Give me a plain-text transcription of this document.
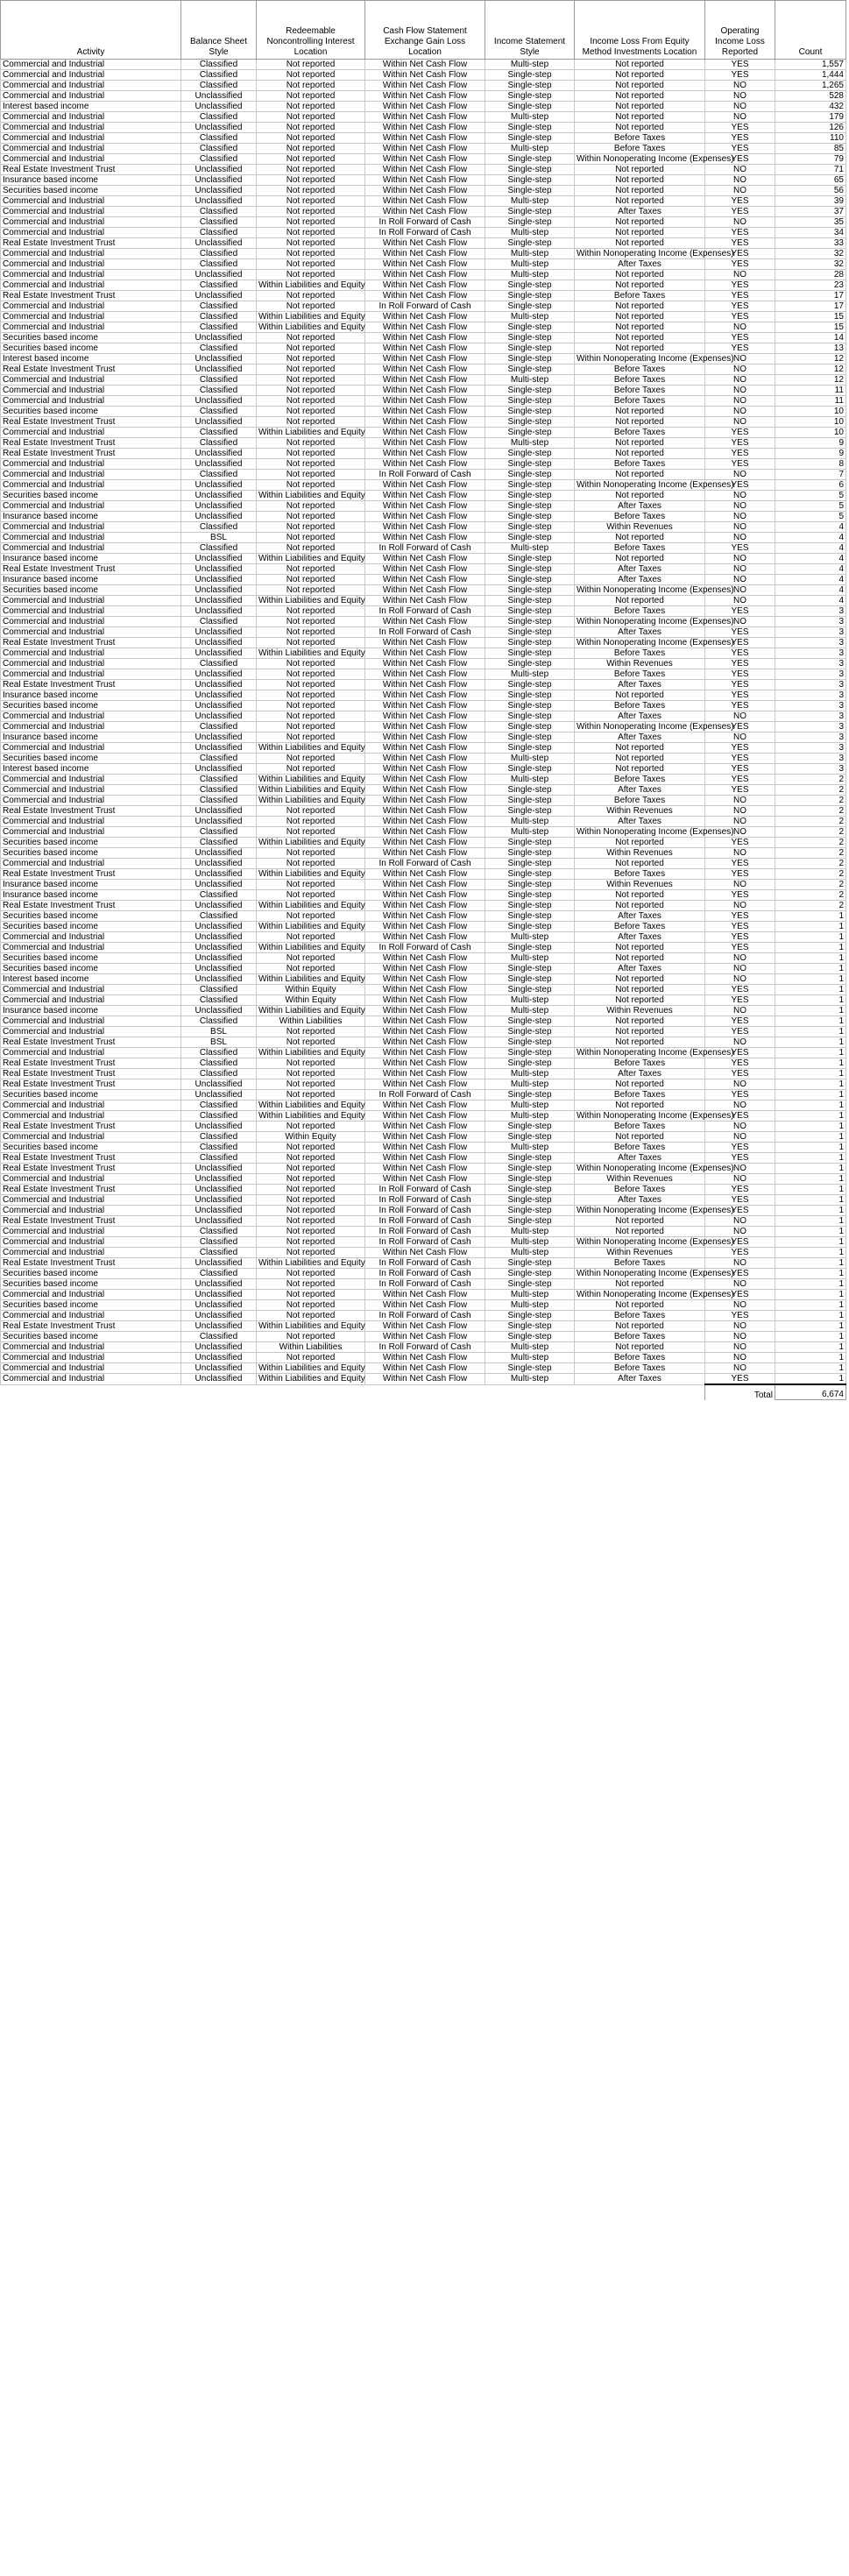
Activity	Balance Sheet Style	Redeemable Noncontrolling Interest Location	Cash Flow Statement Exchange Gain Loss Location	Income Statement Style	Income Loss From Equity Method Investments Location	Operating Income Loss Reported	Count
Commercial and Industrial	Classified	Not reported	Within Net Cash Flow	Multi-step	Not reported	YES	1,557
Commercial and Industrial	Classified	Not reported	Within Net Cash Flow	Single-step	Not reported	YES	1,444
Commercial and Industrial	Classified	Not reported	Within Net Cash Flow	Single-step	Not reported	NO	1,265
Commercial and Industrial	Unclassified	Not reported	Within Net Cash Flow	Single-step	Not reported	NO	528
Interest based income	Unclassified	Not reported	Within Net Cash Flow	Single-step	Not reported	NO	432
Commercial and Industrial	Classified	Not reported	Within Net Cash Flow	Multi-step	Not reported	NO	179
Commercial and Industrial	Unclassified	Not reported	Within Net Cash Flow	Single-step	Not reported	YES	126
Commercial and Industrial	Classified	Not reported	Within Net Cash Flow	Single-step	Before Taxes	YES	110
Commercial and Industrial	Classified	Not reported	Within Net Cash Flow	Multi-step	Before Taxes	YES	85
Commercial and Industrial	Classified	Not reported	Within Net Cash Flow	Single-step	Within Nonoperating Income (Expenses)	YES	79
Real Estate Investment Trust	Unclassified	Not reported	Within Net Cash Flow	Single-step	Not reported	NO	71
Insurance based income	Unclassified	Not reported	Within Net Cash Flow	Single-step	Not reported	NO	65
Securities based income	Unclassified	Not reported	Within Net Cash Flow	Single-step	Not reported	NO	56
Commercial and Industrial	Unclassified	Not reported	Within Net Cash Flow	Multi-step	Not reported	YES	39
Commercial and Industrial	Classified	Not reported	Within Net Cash Flow	Single-step	After Taxes	YES	37
Commercial and Industrial	Classified	Not reported	In Roll Forward of Cash	Single-step	Not reported	NO	35
Commercial and Industrial	Classified	Not reported	In Roll Forward of Cash	Multi-step	Not reported	YES	34
Real Estate Investment Trust	Unclassified	Not reported	Within Net Cash Flow	Single-step	Not reported	YES	33
Commercial and Industrial	Classified	Not reported	Within Net Cash Flow	Multi-step	Within Nonoperating Income (Expenses)	YES	32
Commercial and Industrial	Classified	Not reported	Within Net Cash Flow	Multi-step	After Taxes	YES	32
Commercial and Industrial	Unclassified	Not reported	Within Net Cash Flow	Multi-step	Not reported	NO	28
Commercial and Industrial	Classified	Within Liabilities and Equity	Within Net Cash Flow	Single-step	Not reported	YES	23
Real Estate Investment Trust	Unclassified	Not reported	Within Net Cash Flow	Single-step	Before Taxes	YES	17
Commercial and Industrial	Classified	Not reported	In Roll Forward of Cash	Single-step	Not reported	YES	17
Commercial and Industrial	Classified	Within Liabilities and Equity	Within Net Cash Flow	Multi-step	Not reported	YES	15
Commercial and Industrial	Classified	Within Liabilities and Equity	Within Net Cash Flow	Single-step	Not reported	NO	15
Securities based income	Unclassified	Not reported	Within Net Cash Flow	Single-step	Not reported	YES	14
Securities based income	Classified	Not reported	Within Net Cash Flow	Single-step	Not reported	YES	13
Interest based income	Unclassified	Not reported	Within Net Cash Flow	Single-step	Within Nonoperating Income (Expenses)	NO	12
Real Estate Investment Trust	Unclassified	Not reported	Within Net Cash Flow	Single-step	Before Taxes	NO	12
Commercial and Industrial	Classified	Not reported	Within Net Cash Flow	Multi-step	Before Taxes	NO	12
Commercial and Industrial	Classified	Not reported	Within Net Cash Flow	Single-step	Before Taxes	NO	11
Commercial and Industrial	Unclassified	Not reported	Within Net Cash Flow	Single-step	Before Taxes	NO	11
Securities based income	Classified	Not reported	Within Net Cash Flow	Single-step	Not reported	NO	10
Real Estate Investment Trust	Unclassified	Not reported	Within Net Cash Flow	Single-step	Not reported	NO	10
Commercial and Industrial	Classified	Within Liabilities and Equity	Within Net Cash Flow	Single-step	Before Taxes	YES	10
Real Estate Investment Trust	Classified	Not reported	Within Net Cash Flow	Multi-step	Not reported	YES	9
Real Estate Investment Trust	Unclassified	Not reported	Within Net Cash Flow	Single-step	Not reported	YES	9
Commercial and Industrial	Unclassified	Not reported	Within Net Cash Flow	Single-step	Before Taxes	YES	8
Commercial and Industrial	Classified	Not reported	In Roll Forward of Cash	Single-step	Not reported	NO	7
Commercial and Industrial	Unclassified	Not reported	Within Net Cash Flow	Single-step	Within Nonoperating Income (Expenses)	YES	6
Securities based income	Unclassified	Within Liabilities and Equity	Within Net Cash Flow	Single-step	Not reported	NO	5
Commercial and Industrial	Unclassified	Not reported	Within Net Cash Flow	Single-step	After Taxes	NO	5
Insurance based income	Unclassified	Not reported	Within Net Cash Flow	Single-step	Before Taxes	NO	5
Commercial and Industrial	Classified	Not reported	Within Net Cash Flow	Single-step	Within Revenues	NO	4
Commercial and Industrial	BSL	Not reported	Within Net Cash Flow	Single-step	Not reported	NO	4
Commercial and Industrial	Classified	Not reported	In Roll Forward of Cash	Multi-step	Before Taxes	YES	4
Insurance based income	Unclassified	Within Liabilities and Equity	Within Net Cash Flow	Single-step	Not reported	NO	4
Real Estate Investment Trust	Unclassified	Not reported	Within Net Cash Flow	Single-step	After Taxes	NO	4
Insurance based income	Unclassified	Not reported	Within Net Cash Flow	Single-step	After Taxes	NO	4
Securities based income	Unclassified	Not reported	Within Net Cash Flow	Single-step	Within Nonoperating Income (Expenses)	NO	4
Commercial and Industrial	Unclassified	Within Liabilities and Equity	Within Net Cash Flow	Single-step	Not reported	NO	4
Commercial and Industrial	Unclassified	Not reported	In Roll Forward of Cash	Single-step	Before Taxes	YES	3
Commercial and Industrial	Classified	Not reported	Within Net Cash Flow	Single-step	Within Nonoperating Income (Expenses)	NO	3
Commercial and Industrial	Unclassified	Not reported	In Roll Forward of Cash	Single-step	After Taxes	YES	3
Real Estate Investment Trust	Unclassified	Not reported	Within Net Cash Flow	Single-step	Within Nonoperating Income (Expenses)	YES	3
Commercial and Industrial	Unclassified	Within Liabilities and Equity	Within Net Cash Flow	Single-step	Before Taxes	YES	3
Commercial and Industrial	Classified	Not reported	Within Net Cash Flow	Single-step	Within Revenues	YES	3
Commercial and Industrial	Unclassified	Not reported	Within Net Cash Flow	Multi-step	Before Taxes	YES	3
Real Estate Investment Trust	Unclassified	Not reported	Within Net Cash Flow	Single-step	After Taxes	YES	3
Insurance based income	Unclassified	Not reported	Within Net Cash Flow	Single-step	Not reported	YES	3
Securities based income	Unclassified	Not reported	Within Net Cash Flow	Single-step	Before Taxes	YES	3
Commercial and Industrial	Unclassified	Not reported	Within Net Cash Flow	Single-step	After Taxes	NO	3
Commercial and Industrial	Classified	Not reported	Within Net Cash Flow	Single-step	Within Nonoperating Income (Expenses)	YES	3
Insurance based income	Unclassified	Not reported	Within Net Cash Flow	Single-step	After Taxes	NO	3
Commercial and Industrial	Unclassified	Within Liabilities and Equity	Within Net Cash Flow	Single-step	Not reported	YES	3
Securities based income	Classified	Not reported	Within Net Cash Flow	Multi-step	Not reported	YES	3
Interest based income	Unclassified	Not reported	Within Net Cash Flow	Single-step	Not reported	YES	3
Commercial and Industrial	Classified	Within Liabilities and Equity	Within Net Cash Flow	Multi-step	Before Taxes	YES	2
Commercial and Industrial	Classified	Within Liabilities and Equity	Within Net Cash Flow	Single-step	After Taxes	YES	2
Commercial and Industrial	Classified	Within Liabilities and Equity	Within Net Cash Flow	Single-step	Before Taxes	NO	2
Real Estate Investment Trust	Unclassified	Not reported	Within Net Cash Flow	Single-step	Within Revenues	NO	2
Commercial and Industrial	Unclassified	Not reported	Within Net Cash Flow	Multi-step	After Taxes	NO	2
Commercial and Industrial	Classified	Not reported	Within Net Cash Flow	Multi-step	Within Nonoperating Income (Expenses)	NO	2
Securities based income	Classified	Within Liabilities and Equity	Within Net Cash Flow	Single-step	Not reported	YES	2
Securities based income	Unclassified	Not reported	Within Net Cash Flow	Single-step	Within Revenues	NO	2
Commercial and Industrial	Unclassified	Not reported	In Roll Forward of Cash	Single-step	Not reported	YES	2
Real Estate Investment Trust	Unclassified	Within Liabilities and Equity	Within Net Cash Flow	Single-step	Before Taxes	YES	2
Insurance based income	Unclassified	Not reported	Within Net Cash Flow	Single-step	Within Revenues	NO	2
Insurance based income	Classified	Not reported	Within Net Cash Flow	Single-step	Not reported	YES	2
Real Estate Investment Trust	Unclassified	Within Liabilities and Equity	Within Net Cash Flow	Single-step	Not reported	NO	2
Securities based income	Classified	Not reported	Within Net Cash Flow	Single-step	After Taxes	YES	1
Securities based income	Unclassified	Within Liabilities and Equity	Within Net Cash Flow	Single-step	Before Taxes	YES	1
Commercial and Industrial	Unclassified	Not reported	Within Net Cash Flow	Multi-step	After Taxes	YES	1
Commercial and Industrial	Unclassified	Within Liabilities and Equity	In Roll Forward of Cash	Single-step	Not reported	YES	1
Securities based income	Unclassified	Not reported	Within Net Cash Flow	Multi-step	Not reported	NO	1
Securities based income	Unclassified	Not reported	Within Net Cash Flow	Single-step	After Taxes	NO	1
Interest based income	Unclassified	Within Liabilities and Equity	Within Net Cash Flow	Single-step	Not reported	NO	1
Commercial and Industrial	Classified	Within Equity	Within Net Cash Flow	Single-step	Not reported	YES	1
Commercial and Industrial	Classified	Within Equity	Within Net Cash Flow	Multi-step	Not reported	YES	1
Insurance based income	Unclassified	Within Liabilities and Equity	Within Net Cash Flow	Multi-step	Within Revenues	NO	1
Commercial and Industrial	Classified	Within Liabilities	Within Net Cash Flow	Single-step	Not reported	YES	1
Commercial and Industrial	BSL	Not reported	Within Net Cash Flow	Single-step	Not reported	YES	1
Real Estate Investment Trust	BSL	Not reported	Within Net Cash Flow	Single-step	Not reported	NO	1
Commercial and Industrial	Classified	Within Liabilities and Equity	Within Net Cash Flow	Single-step	Within Nonoperating Income (Expenses)	YES	1
Real Estate Investment Trust	Classified	Not reported	Within Net Cash Flow	Single-step	Before Taxes	YES	1
Real Estate Investment Trust	Classified	Not reported	Within Net Cash Flow	Multi-step	After Taxes	YES	1
Real Estate Investment Trust	Unclassified	Not reported	Within Net Cash Flow	Multi-step	Not reported	NO	1
Securities based income	Unclassified	Not reported	In Roll Forward of Cash	Single-step	Before Taxes	YES	1
Commercial and Industrial	Classified	Within Liabilities and Equity	Within Net Cash Flow	Multi-step	Not reported	NO	1
Commercial and Industrial	Classified	Within Liabilities and Equity	Within Net Cash Flow	Multi-step	Within Nonoperating Income (Expenses)	YES	1
Real Estate Investment Trust	Unclassified	Not reported	Within Net Cash Flow	Single-step	Before Taxes	NO	1
Commercial and Industrial	Classified	Within Equity	Within Net Cash Flow	Single-step	Not reported	NO	1
Securities based income	Classified	Not reported	Within Net Cash Flow	Multi-step	Before Taxes	YES	1
Real Estate Investment Trust	Classified	Not reported	Within Net Cash Flow	Single-step	After Taxes	YES	1
Real Estate Investment Trust	Unclassified	Not reported	Within Net Cash Flow	Single-step	Within Nonoperating Income (Expenses)	NO	1
Commercial and Industrial	Unclassified	Not reported	Within Net Cash Flow	Single-step	Within Revenues	NO	1
Real Estate Investment Trust	Unclassified	Not reported	In Roll Forward of Cash	Single-step	Before Taxes	YES	1
Commercial and Industrial	Unclassified	Not reported	In Roll Forward of Cash	Single-step	After Taxes	YES	1
Commercial and Industrial	Unclassified	Not reported	In Roll Forward of Cash	Single-step	Within Nonoperating Income (Expenses)	YES	1
Real Estate Investment Trust	Unclassified	Not reported	In Roll Forward of Cash	Single-step	Not reported	NO	1
Commercial and Industrial	Classified	Not reported	In Roll Forward of Cash	Multi-step	Not reported	NO	1
Commercial and Industrial	Classified	Not reported	In Roll Forward of Cash	Multi-step	Within Nonoperating Income (Expenses)	YES	1
Commercial and Industrial	Classified	Not reported	Within Net Cash Flow	Multi-step	Within Revenues	YES	1
Real Estate Investment Trust	Unclassified	Within Liabilities and Equity	In Roll Forward of Cash	Single-step	Before Taxes	NO	1
Securities based income	Classified	Not reported	In Roll Forward of Cash	Single-step	Within Nonoperating Income (Expenses)	YES	1
Securities based income	Unclassified	Not reported	In Roll Forward of Cash	Single-step	Not reported	NO	1
Commercial and Industrial	Unclassified	Not reported	Within Net Cash Flow	Multi-step	Within Nonoperating Income (Expenses)	YES	1
Securities based income	Unclassified	Not reported	Within Net Cash Flow	Multi-step	Not reported	NO	1
Commercial and Industrial	Unclassified	Not reported	In Roll Forward of Cash	Single-step	Before Taxes	YES	1
Real Estate Investment Trust	Unclassified	Within Liabilities and Equity	Within Net Cash Flow	Single-step	Not reported	NO	1
Securities based income	Classified	Not reported	Within Net Cash Flow	Single-step	Before Taxes	NO	1
Commercial and Industrial	Unclassified	Within Liabilities	In Roll Forward of Cash	Multi-step	Not reported	NO	1
Commercial and Industrial	Unclassified	Not reported	Within Net Cash Flow	Multi-step	Before Taxes	NO	1
Commercial and Industrial	Unclassified	Within Liabilities and Equity	Within Net Cash Flow	Single-step	Before Taxes	NO	1
Commercial and Industrial	Unclassified	Within Liabilities and Equity	Within Net Cash Flow	Multi-step	After Taxes	YES	1
						Total	6,674
